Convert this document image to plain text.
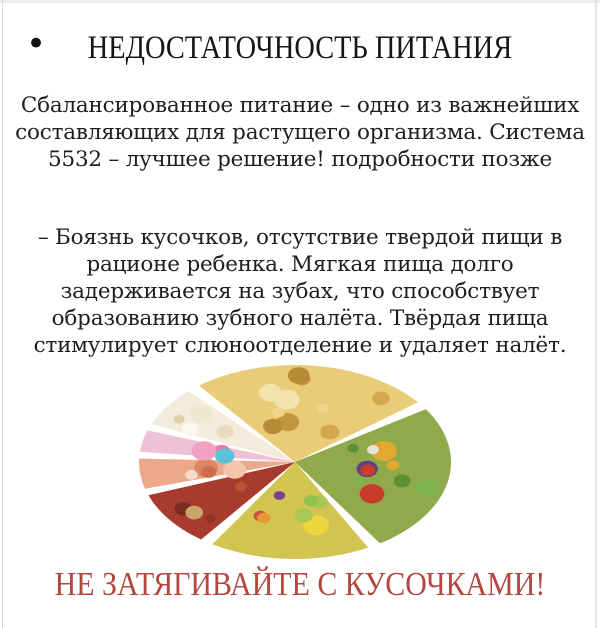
•	НЕДОСТАТОЧНОСТЬ ПИТАНИЯ

Сбалансированное питание – одно из важнейших составляющих для растущего организма. Система 5532 – лучшее решение! подробности позже

– Боязнь кусочков, отсутствие твердой пищи в рационе ребенка. Мягкая пища долго задерживается на зубах, что способствует образованию зубного налёта. Твёрдая пища стимулирует слюноотделение и удаляет налёт.

НЕ ЗАТЯГИВАЙТЕ С КУСОЧКАМИ!
